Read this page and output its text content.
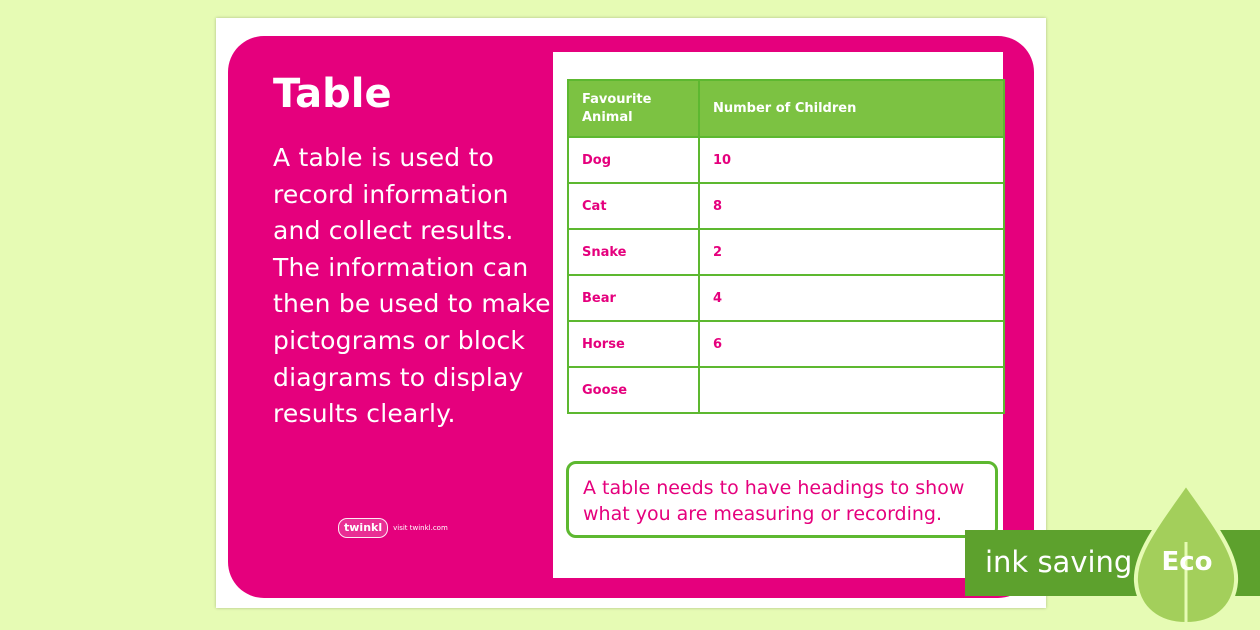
Table

A table is used to record information and collect results. The information can then be used to make pictograms or block diagrams to display results clearly.

twinkl	visit twinkl.com
Favourite Animal	Number of Children
Dog	10
Cat	8
Snake	2
Bear	4
Horse	6
Goose	
A table needs to have headings to show what you are measuring or recording.
ink saving Eco
